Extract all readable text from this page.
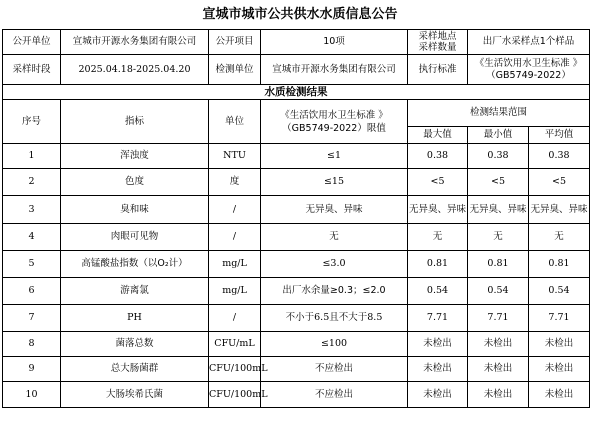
宣城市城市公共供水水质信息公告
公开单位	宣城市开源水务集团有限公司	公开项目	10项	采样地点
采样数量	出厂水采样点1个样品	
采样时段	2025.04.18-2025.04.20	检测单位	宣城市开源水务集团有限公司	执行标准	《生活饮用水卫生标准 》
（GB5749-2022）	

水质检测结果						
序号	指标	单位	《生活饮用水卫生标准 》
（GB5749-2022）限值	检测结果范围		
				最大值	最小值	平均值
1	浑浊度	NTU	≤1	0.38	0.38	0.38
2	色度	度	≤15	<5	<5	<5
3	臭和味	/	无异臭、异味	无异臭、异味	无异臭、异味	无异臭、异味
4	肉眼可见物	/	无	无	无	无
5	高锰酸盐指数（以O₂计）	mg/L	≤3.0	0.81	0.81	0.81
6	游离氯	mg/L	出厂水余量≥0.3；≤2.0	0.54	0.54	0.54
7	PH	/	不小于6.5且不大于8.5	7.71	7.71	7.71
8	菌落总数	CFU/mL	≤100	未检出	未检出	未检出
9	总大肠菌群	CFU/100mL	不应检出	未检出	未检出	未检出
10	大肠埃希氏菌	CFU/100mL	不应检出	未检出	未检出	未检出
